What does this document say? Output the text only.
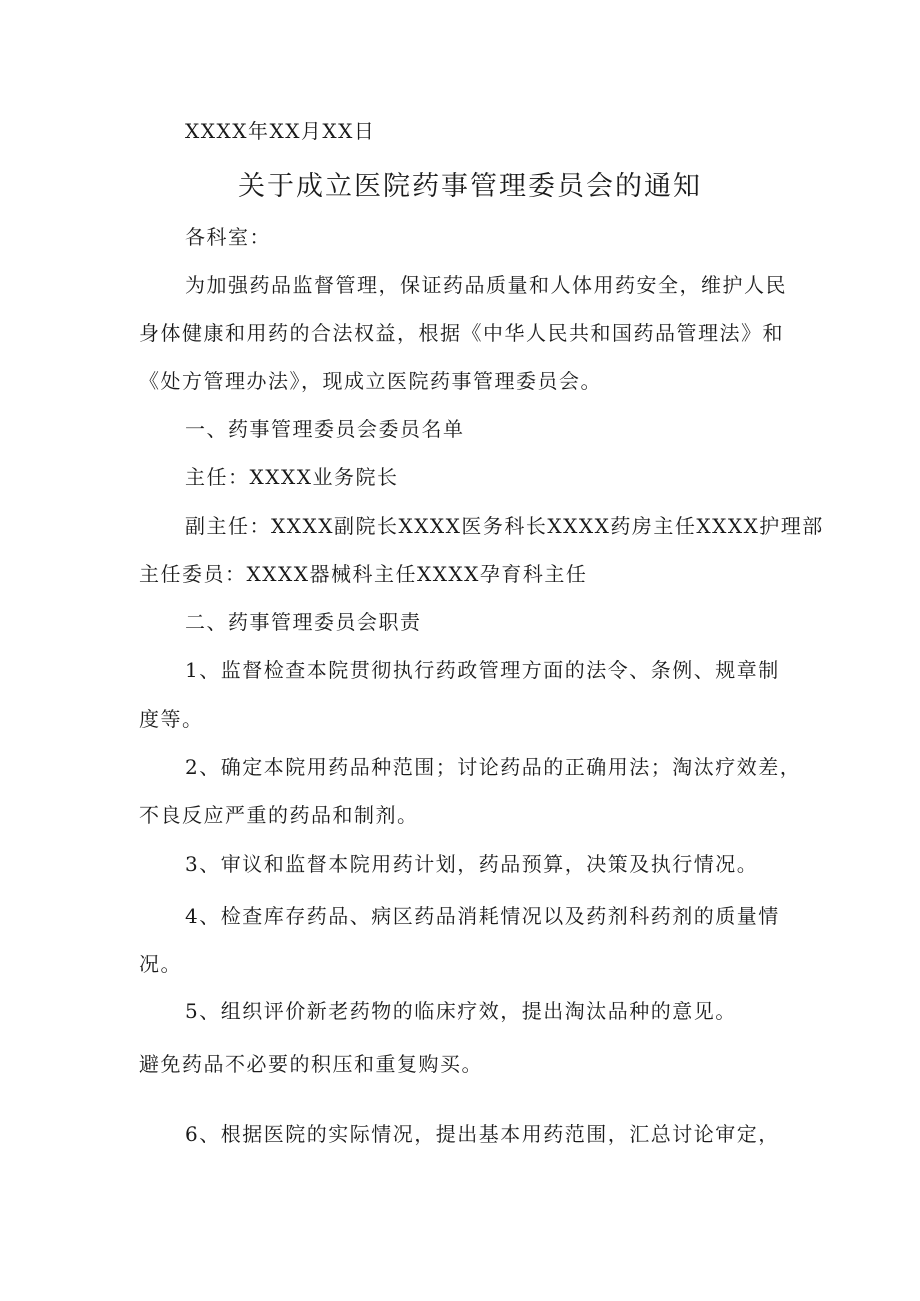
XXXX年XX月XX日
关于成立医院药事管理委员会的通知
各科室：
为加强药品监督管理，保证药品质量和人体用药安全，维护人民
身体健康和用药的合法权益，根据《中华人民共和国药品管理法》和
《处方管理办法》，现成立医院药事管理委员会。
一、药事管理委员会委员名单
主任：XXXX业务院长
副主任：XXXX副院长XXXX医务科长XXXX药房主任XXXX护理部
主任委员：XXXX器械科主任XXXX孕育科主任
二、药事管理委员会职责
1、监督检查本院贯彻执行药政管理方面的法令、条例、规章制
度等。
2、确定本院用药品种范围；讨论药品的正确用法；淘汰疗效差，
不良反应严重的药品和制剂。
3、审议和监督本院用药计划，药品预算，决策及执行情况。
4、检查库存药品、病区药品消耗情况以及药剂科药剂的质量情
况。
5、组织评价新老药物的临床疗效，提出淘汰品种的意见。
避免药品不必要的积压和重复购买。
6、根据医院的实际情况，提出基本用药范围，汇总讨论审定，
